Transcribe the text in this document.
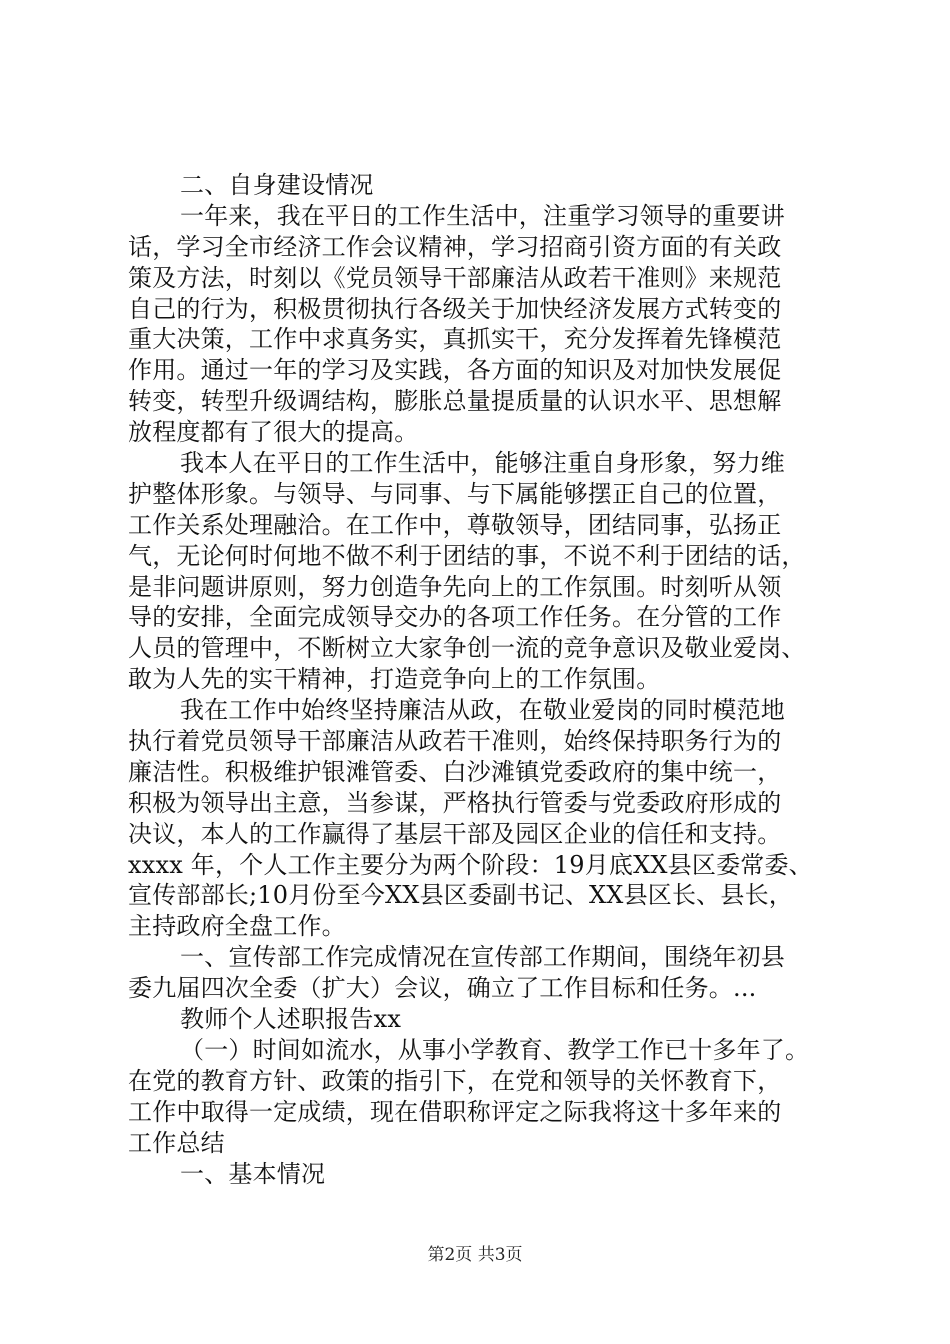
二、自身建设情况
一年来，我在平日的工作生活中，注重学习领导的重要讲
话，学习全市经济工作会议精神，学习招商引资方面的有关政
策及方法，时刻以《党员领导干部廉洁从政若干准则》来规范
自己的行为，积极贯彻执行各级关于加快经济发展方式转变的
重大决策，工作中求真务实，真抓实干，充分发挥着先锋模范
作用。通过一年的学习及实践，各方面的知识及对加快发展促
转变，转型升级调结构，膨胀总量提质量的认识水平、思想解
放程度都有了很大的提高。
我本人在平日的工作生活中，能够注重自身形象，努力维
护整体形象。与领导、与同事、与下属能够摆正自己的位置，
工作关系处理融洽。在工作中，尊敬领导，团结同事，弘扬正
气，无论何时何地不做不利于团结的事，不说不利于团结的话，
是非问题讲原则，努力创造争先向上的工作氛围。时刻听从领
导的安排，全面完成领导交办的各项工作任务。在分管的工作
人员的管理中，不断树立大家争创一流的竞争意识及敬业爱岗、
敢为人先的实干精神，打造竞争向上的工作氛围。
我在工作中始终坚持廉洁从政，在敬业爱岗的同时模范地
执行着党员领导干部廉洁从政若干准则，始终保持职务行为的
廉洁性。积极维护银滩管委、白沙滩镇党委政府的集中统一，
积极为领导出主意，当参谋，严格执行管委与党委政府形成的
决议，本人的工作赢得了基层干部及园区企业的信任和支持。
xxxx 年，个人工作主要分为两个阶段：19月底XX县区委常委、
宣传部部长;10月份至今XX县区委副书记、XX县区长、县长，
主持政府全盘工作。
一、宣传部工作完成情况在宣传部工作期间，围绕年初县
委九届四次全委（扩大）会议，确立了工作目标和任务。...
教师个人述职报告xx
（一）时间如流水，从事小学教育、教学工作已十多年了。
在党的教育方针、政策的指引下，在党和领导的关怀教育下，
工作中取得一定成绩，现在借职称评定之际我将这十多年来的
工作总结
一、基本情况
第2页 共3页
